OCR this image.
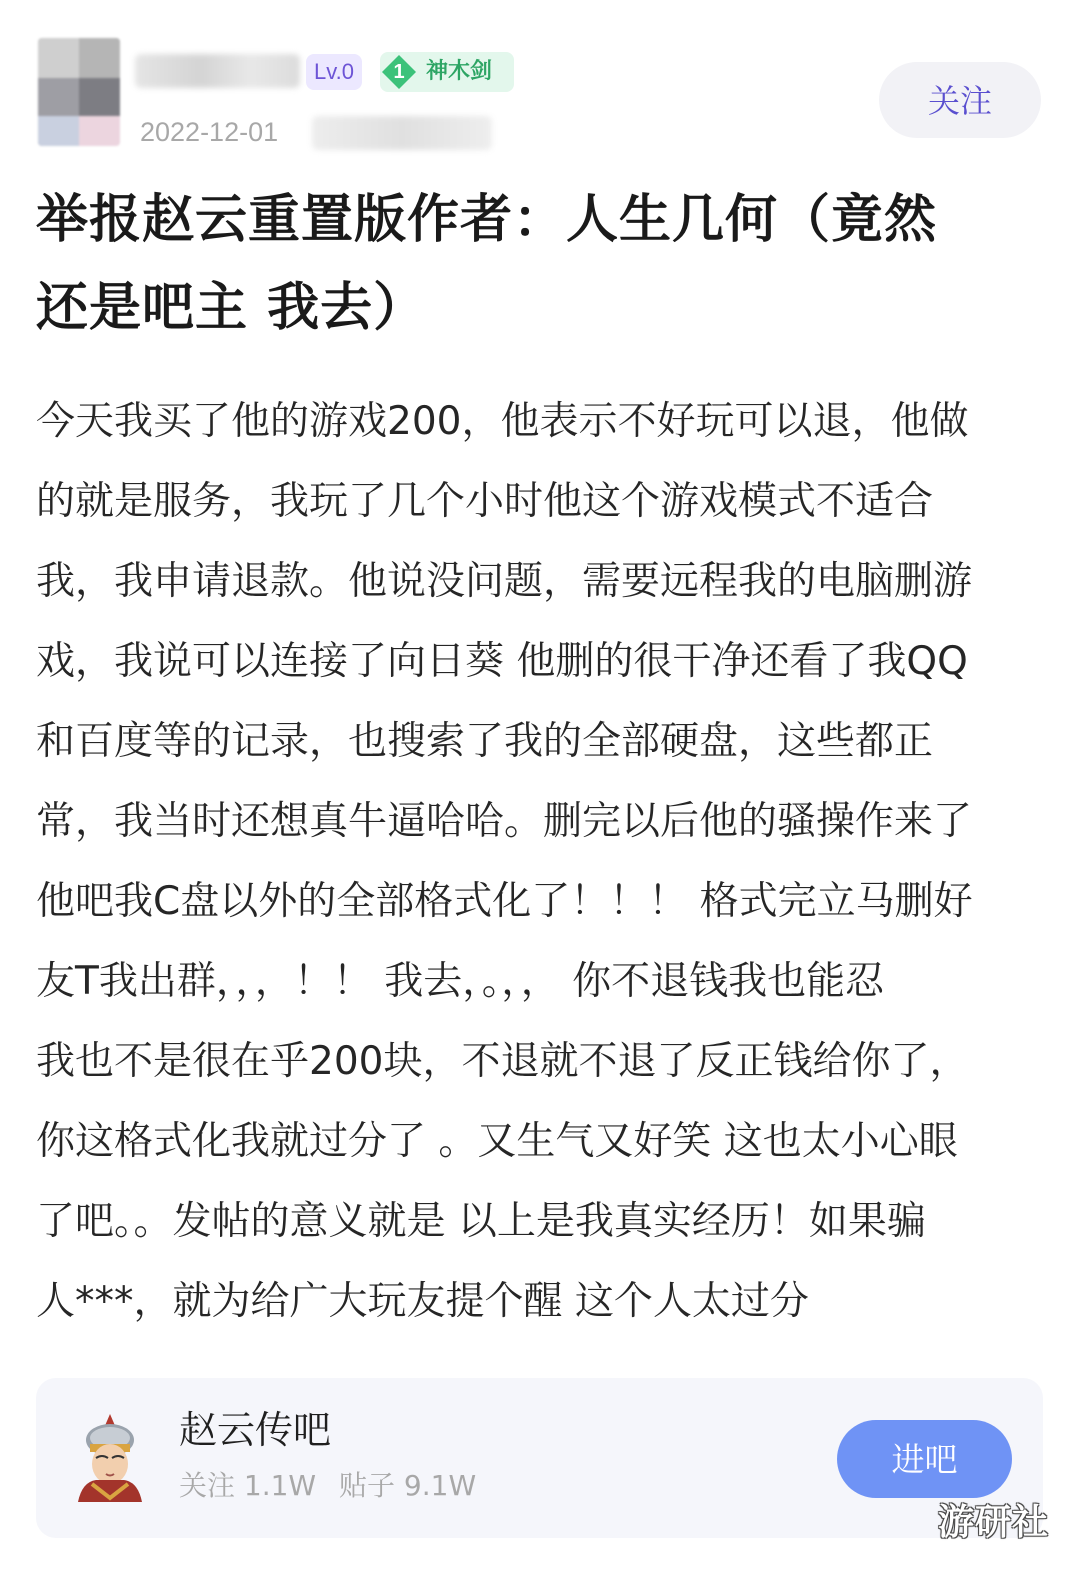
Lv.0	1 神木剑
2022-12-01
关注
举报赵云重置版作者：人生几何（竟然
还是吧主 我去）
今天我买了他的游戏200，他表示不好玩可以退，他做
的就是服务，我玩了几个小时他这个游戏模式不适合
我，我申请退款。他说没问题，需要远程我的电脑删游
戏，我说可以连接了向日葵 他删的很干净还看了我QQ
和百度等的记录，也搜索了我的全部硬盘，这些都正
常，我当时还想真牛逼哈哈。删完以后他的骚操作来了
他吧我C盘以外的全部格式化了！！！ 格式完立马删好
友T我出群，，，！！ 我去，。，， 你不退钱我也能忍
我也不是很在乎200块，不退就不退了反正钱给你了，
你这格式化我就过分了 。又生气又好笑 这也太小心眼
了吧。。发帖的意义就是 以上是我真实经历！如果骗
人***，就为给广大玩友提个醒 这个人太过分
赵云传吧
关注 1.1W 贴子 9.1W
进吧
游研社
